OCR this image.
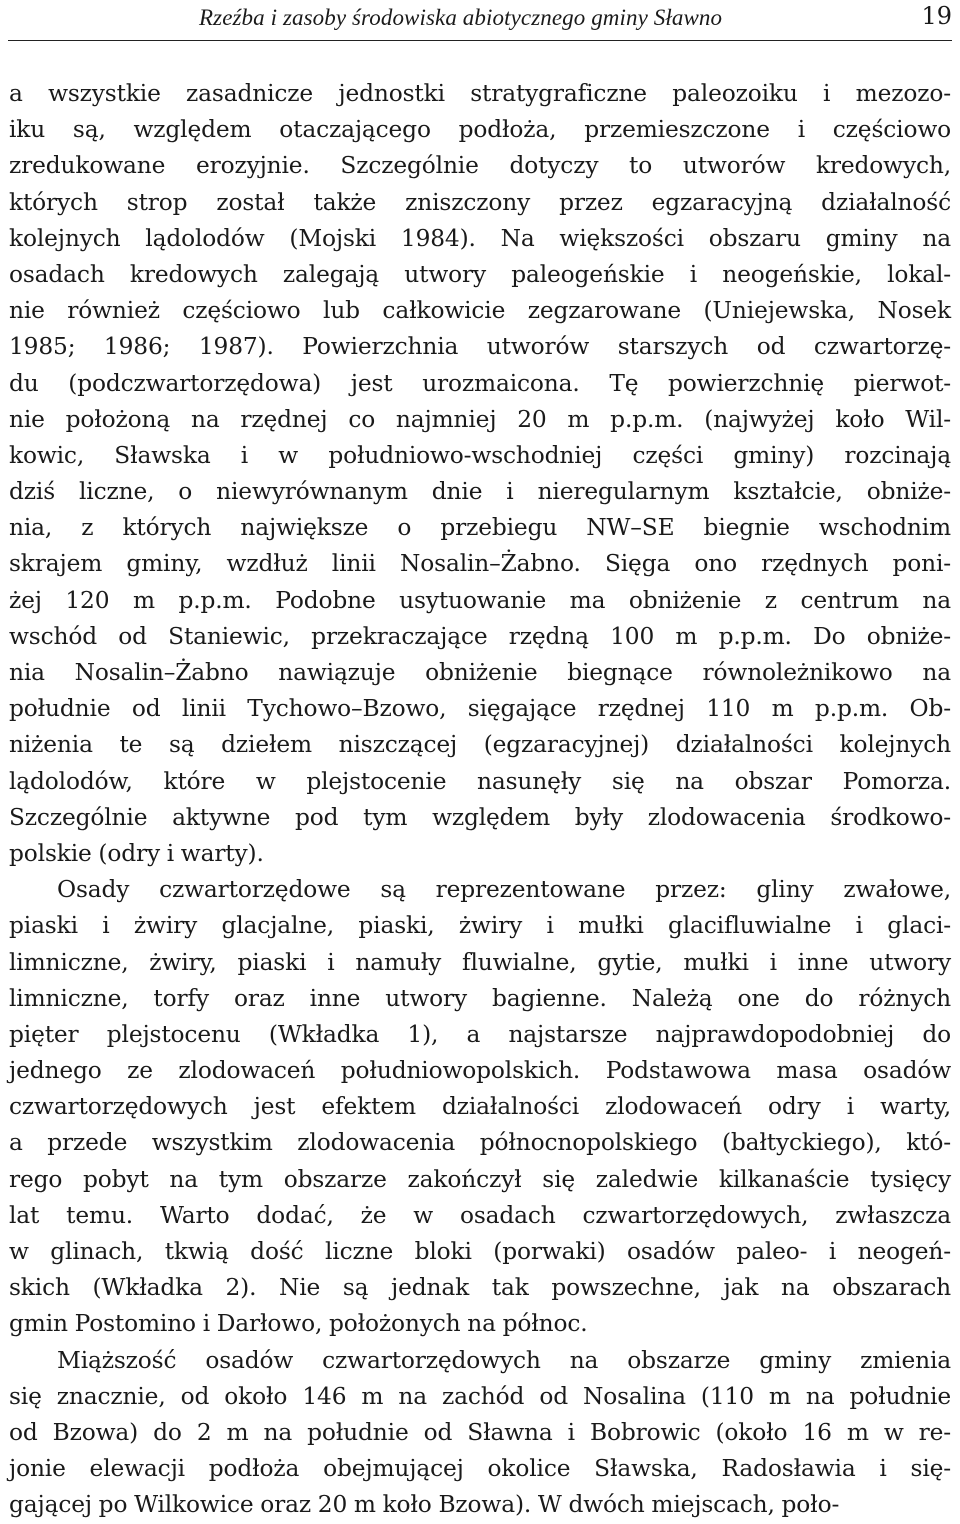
Rzeźba i zasoby środowiska abiotycznego gminy Sławno	19
a wszystkie zasadnicze jednostki stratygraficzne paleozoiku i mezozo-
iku są, względem otaczającego podłoża, przemieszczone i częściowo
zredukowane erozyjnie. Szczególnie dotyczy to utworów kredowych,
których strop został także zniszczony przez egzaracyjną działalność
kolejnych lądolodów (Mojski 1984). Na większości obszaru gminy na
osadach kredowych zalegają utwory paleogeńskie i neogeńskie, lokal-
nie również częściowo lub całkowicie zegzarowane (Uniejewska, Nosek
1985; 1986; 1987). Powierzchnia utworów starszych od czwartorzę-
du (podczwartorzędowa) jest urozmaicona. Tę powierzchnię pierwot-
nie położoną na rzędnej co najmniej 20 m p.p.m. (najwyżej koło Wil-
kowic, Sławska i w południowo-wschodniej części gminy) rozcinają
dziś liczne, o niewyrównanym dnie i nieregularnym kształcie, obniże-
nia, z których największe o przebiegu NW–SE biegnie wschodnim
skrajem gminy, wzdłuż linii Nosalin–Żabno. Sięga ono rzędnych poni-
żej 120 m p.p.m. Podobne usytuowanie ma obniżenie z centrum na
wschód od Staniewic, przekraczające rzędną 100 m p.p.m. Do obniże-
nia Nosalin–Żabno nawiązuje obniżenie biegnące równoleżnikowo na
południe od linii Tychowo–Bzowo, sięgające rzędnej 110 m p.p.m. Ob-
niżenia te są dziełem niszczącej (egzaracyjnej) działalności kolejnych
lądolodów, które w plejstocenie nasunęły się na obszar Pomorza.
Szczególnie aktywne pod tym względem były zlodowacenia środkowo-
polskie (odry i warty).
Osady czwartorzędowe są reprezentowane przez: gliny zwałowe,
piaski i żwiry glacjalne, piaski, żwiry i mułki glacifluwialne i glaci-
limniczne, żwiry, piaski i namuły fluwialne, gytie, mułki i inne utwory
limniczne, torfy oraz inne utwory bagienne. Należą one do różnych
pięter plejstocenu (Wkładka 1), a najstarsze najprawdopodobniej do
jednego ze zlodowaceń południowopolskich. Podstawowa masa osadów
czwartorzędowych jest efektem działalności zlodowaceń odry i warty,
a przede wszystkim zlodowacenia północnopolskiego (bałtyckiego), któ-
rego pobyt na tym obszarze zakończył się zaledwie kilkanaście tysięcy
lat temu. Warto dodać, że w osadach czwartorzędowych, zwłaszcza
w glinach, tkwią dość liczne bloki (porwaki) osadów paleo- i neogeń-
skich (Wkładka 2). Nie są jednak tak powszechne, jak na obszarach
gmin Postomino i Darłowo, położonych na północ.
Miąższość osadów czwartorzędowych na obszarze gminy zmienia
się znacznie, od około 146 m na zachód od Nosalina (110 m na południe
od Bzowa) do 2 m na południe od Sławna i Bobrowic (około 16 m w re-
jonie elewacji podłoża obejmującej okolice Sławska, Radosławia i się-
gającej po Wilkowice oraz 20 m koło Bzowa). W dwóch miejscach, poło-
